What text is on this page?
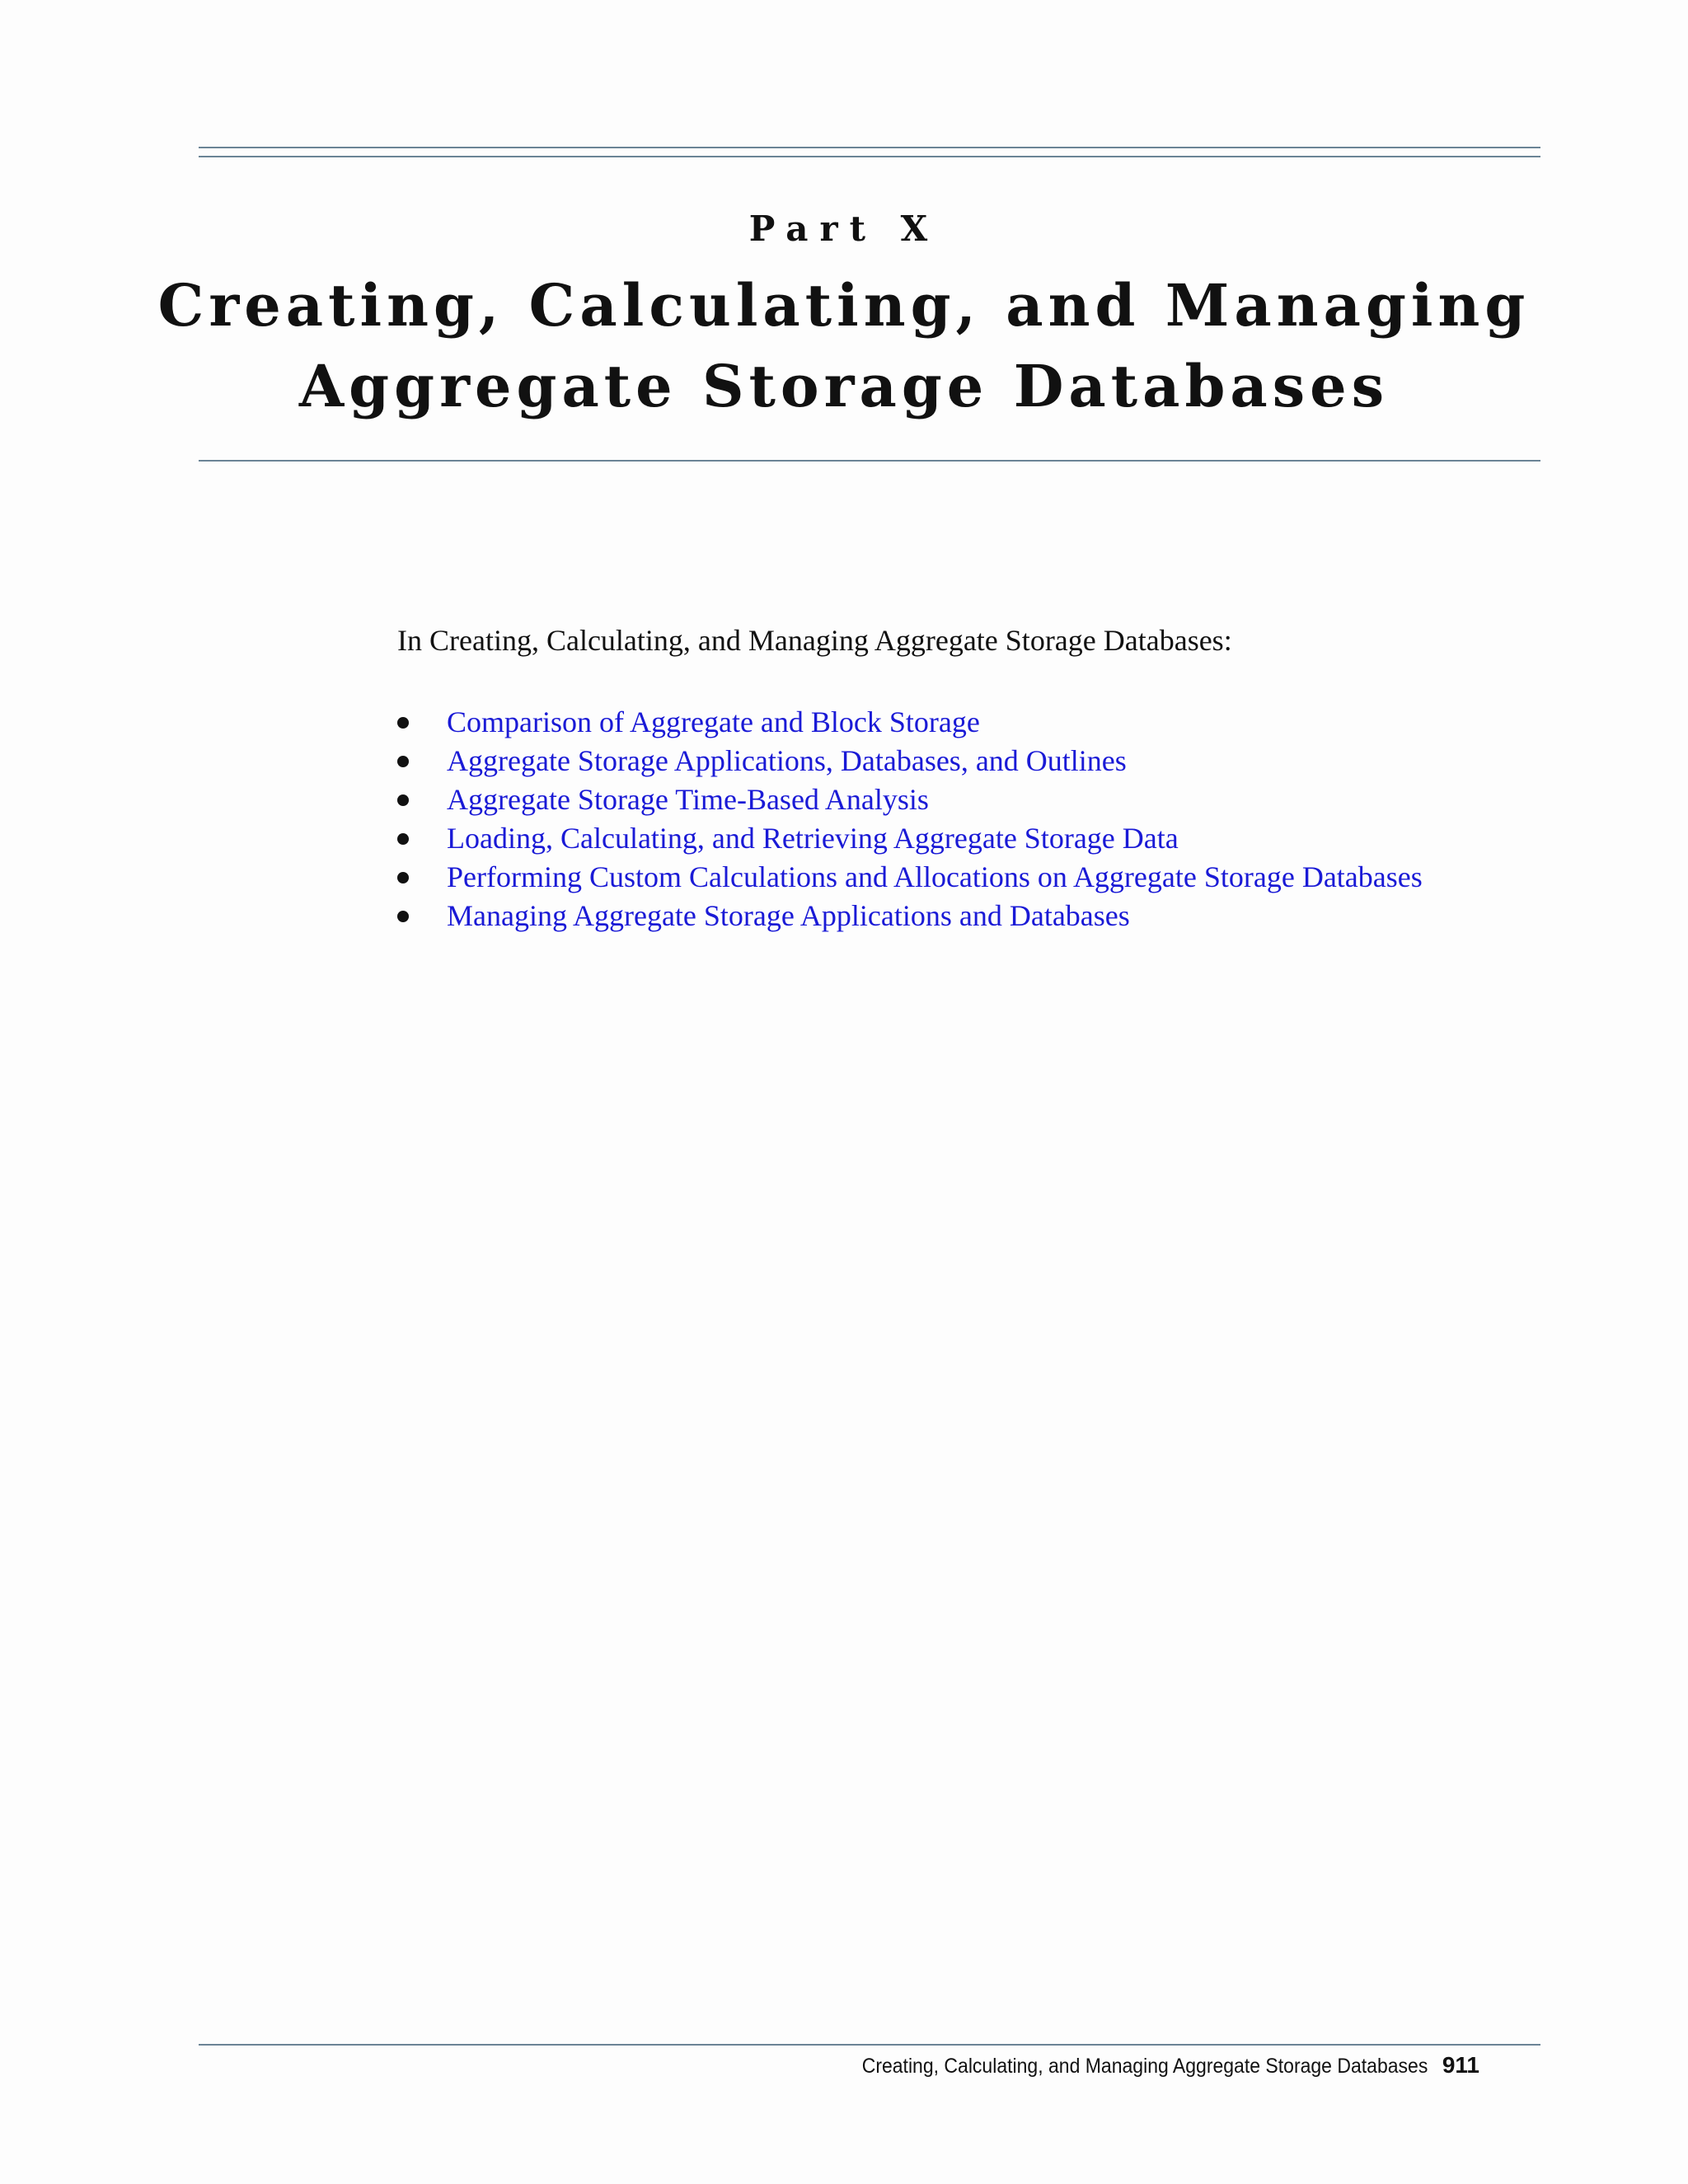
Part X
Creating, Calculating, and Managing
Aggregate Storage Databases

In Creating, Calculating, and Managing Aggregate Storage Databases:

Comparison of Aggregate and Block Storage
Aggregate Storage Applications, Databases, and Outlines
Aggregate Storage Time-Based Analysis
Loading, Calculating, and Retrieving Aggregate Storage Data
Performing Custom Calculations and Allocations on Aggregate Storage Databases
Managing Aggregate Storage Applications and Databases
Creating, Calculating, and Managing Aggregate Storage Databases 911
